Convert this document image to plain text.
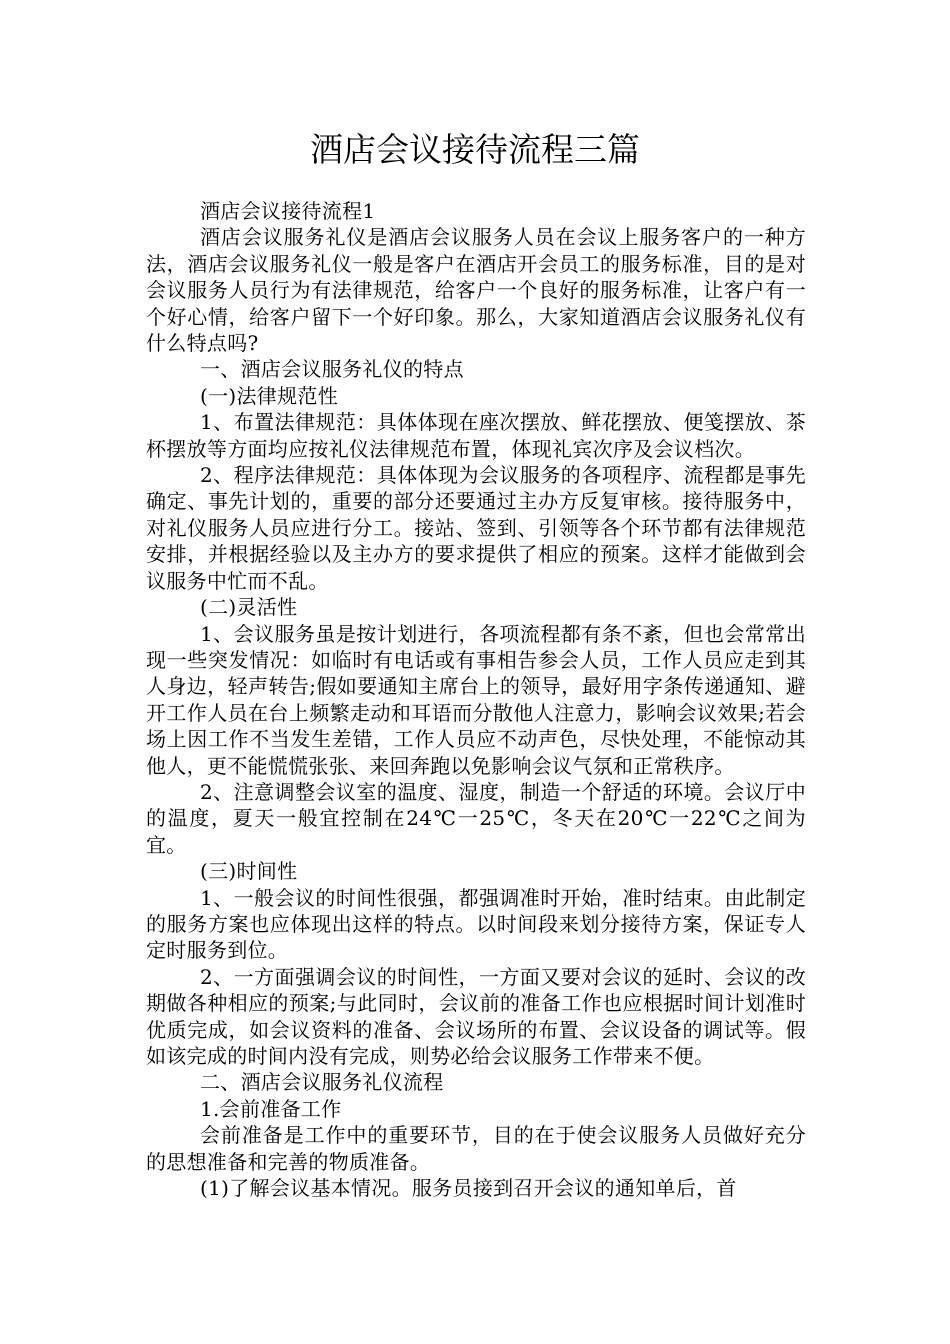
酒店会议接待流程三篇

酒店会议接待流程1

酒店会议服务礼仪是酒店会议服务人员在会议上服务客户的一种方法，酒店会议服务礼仪一般是客户在酒店开会员工的服务标准，目的是对会议服务人员行为有法律规范，给客户一个良好的服务标准，让客户有一个好心情，给客户留下一个好印象。那么，大家知道酒店会议服务礼仪有什么特点吗?

一、酒店会议服务礼仪的特点

(一)法律规范性

1、布置法律规范：具体体现在座次摆放、鲜花摆放、便笺摆放、茶杯摆放等方面均应按礼仪法律规范布置，体现礼宾次序及会议档次。

2、程序法律规范：具体体现为会议服务的各项程序、流程都是事先确定、事先计划的，重要的部分还要通过主办方反复审核。接待服务中，对礼仪服务人员应进行分工。接站、签到、引领等各个环节都有法律规范安排，并根据经验以及主办方的要求提供了相应的预案。这样才能做到会议服务中忙而不乱。

(二)灵活性

1、会议服务虽是按计划进行，各项流程都有条不紊，但也会常常出现一些突发情况：如临时有电话或有事相告参会人员，工作人员应走到其人身边，轻声转告;假如要通知主席台上的领导，最好用字条传递通知、避开工作人员在台上频繁走动和耳语而分散他人注意力，影响会议效果;若会场上因工作不当发生差错，工作人员应不动声色，尽快处理，不能惊动其他人，更不能慌慌张张、来回奔跑以免影响会议气氛和正常秩序。

2、注意调整会议室的温度、湿度，制造一个舒适的环境。会议厅中的温度，夏天一般宜控制在24℃一25℃，冬天在20℃一22℃之间为宜。

(三)时间性

1、一般会议的时间性很强，都强调准时开始，准时结束。由此制定的服务方案也应体现出这样的特点。以时间段来划分接待方案，保证专人定时服务到位。

2、一方面强调会议的时间性，一方面又要对会议的延时、会议的改期做各种相应的预案;与此同时，会议前的准备工作也应根据时间计划准时优质完成，如会议资料的准备、会议场所的布置、会议设备的调试等。假如该完成的时间内没有完成，则势必给会议服务工作带来不便。

二、酒店会议服务礼仪流程

1.会前准备工作

会前准备是工作中的重要环节，目的在于使会议服务人员做好充分的思想准备和完善的物质准备。

(1)了解会议基本情况。服务员接到召开会议的通知单后，首
